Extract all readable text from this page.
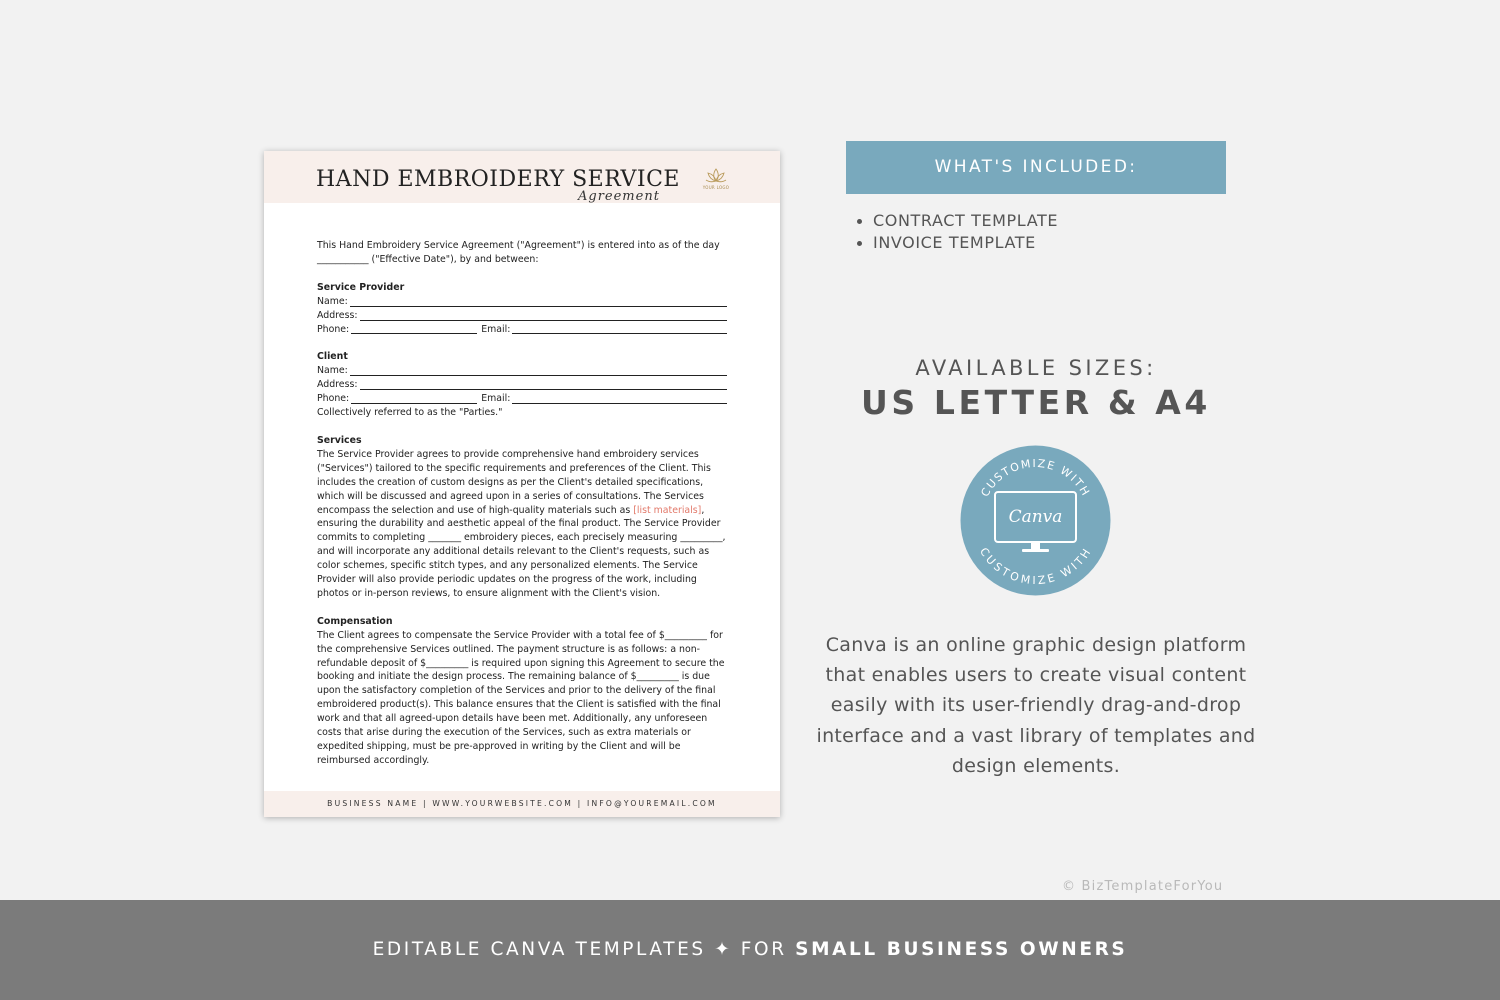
HAND EMBROIDERY SERVICE
Agreement
YOUR LOGO

This Hand Embroidery Service Agreement ("Agreement") is entered into as of the day

___________ ("Effective Date"), by and between:

Service Provider

Name:
Address:
Phone:	Email:

Client

Name:
Address:
Phone:	Email:

Collectively referred to as the "Parties."

Services

The Service Provider agrees to provide comprehensive hand embroidery services ("Services") tailored to the specific requirements and preferences of the Client. This includes the creation of custom designs as per the Client's detailed specifications, which will be discussed and agreed upon in a series of consultations. The Services encompass the selection and use of high-quality materials such as [list materials], ensuring the durability and aesthetic appeal of the final product. The Service Provider commits to completing _______ embroidery pieces, each precisely measuring _________, and will incorporate any additional details relevant to the Client's requests, such as color schemes, specific stitch types, and any personalized elements. The Service Provider will also provide periodic updates on the progress of the work, including photos or in-person reviews, to ensure alignment with the Client's vision.

Compensation

The Client agrees to compensate the Service Provider with a total fee of $_________ for the comprehensive Services outlined. The payment structure is as follows: a non-refundable deposit of $_________ is required upon signing this Agreement to secure the booking and initiate the design process. The remaining balance of $_________ is due upon the satisfactory completion of the Services and prior to the delivery of the final embroidered product(s). This balance ensures that the Client is satisfied with the final work and that all agreed-upon details have been met. Additionally, any unforeseen costs that arise during the execution of the Services, such as extra materials or expedited shipping, must be pre-approved in writing by the Client and will be reimbursed accordingly.

BUSINESS NAME | WWW.YOURWEBSITE.COM | INFO@YOUREMAIL.COM
WHAT'S INCLUDED:
CONTRACT TEMPLATE
INVOICE TEMPLATE
AVAILABLE SIZES:
US LETTER & A4
CUSTOMIZE WITH
CUSTOMIZE WITH
Canva
Canva is an online graphic design platform that enables users to create visual content easily with its user-friendly drag-and-drop interface and a vast library of templates and design elements.
© BizTemplateForYou
EDITABLE CANVA TEMPLATES ✦ FOR SMALL BUSINESS OWNERS
